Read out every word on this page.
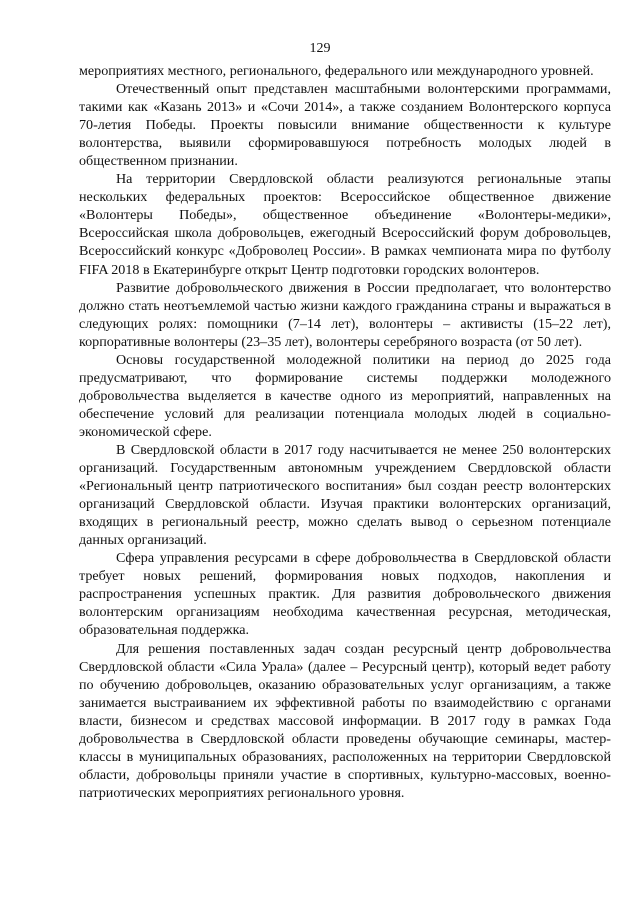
129

мероприятиях местного, регионального, федерального или международного уровней.

Отечественный опыт представлен масштабными волонтерскими программами, такими как «Казань 2013» и «Сочи 2014», а также созданием Волонтерского корпуса 70-летия Победы. Проекты повысили внимание общественности к культуре волонтерства, выявили сформировавшуюся потребность молодых людей в общественном признании.

На территории Свердловской области реализуются региональные этапы нескольких федеральных проектов: Всероссийское общественное движение «Волонтеры Победы», общественное объединение «Волонтеры-медики», Всероссийская школа добровольцев, ежегодный Всероссийский форум добровольцев, Всероссийский конкурс «Доброволец России». В рамках чемпионата мира по футболу FIFA 2018 в Екатеринбурге открыт Центр подготовки городских волонтеров.

Развитие добровольческого движения в России предполагает, что волонтерство должно стать неотъемлемой частью жизни каждого гражданина страны и выражаться в следующих ролях: помощники (7–14 лет), волонтеры – активисты (15–22 лет), корпоративные волонтеры (23–35 лет), волонтеры серебряного возраста (от 50 лет).

Основы государственной молодежной политики на период до 2025 года предусматривают, что формирование системы поддержки молодежного добровольчества выделяется в качестве одного из мероприятий, направленных на обеспечение условий для реализации потенциала молодых людей в социально-экономической сфере.

В Свердловской области в 2017 году насчитывается не менее 250 волонтерских организаций. Государственным автономным учреждением Свердловской области «Региональный центр патриотического воспитания» был создан реестр волонтерских организаций Свердловской области. Изучая практики волонтерских организаций, входящих в региональный реестр, можно сделать вывод о серьезном потенциале данных организаций.

Сфера управления ресурсами в сфере добровольчества в Свердловской области требует новых решений, формирования новых подходов, накопления и распространения успешных практик. Для развития добровольческого движения волонтерским организациям необходима качественная ресурсная, методическая, образовательная поддержка.

Для решения поставленных задач создан ресурсный центр добровольчества Свердловской области «Сила Урала» (далее – Ресурсный центр), который ведет работу по обучению добровольцев, оказанию образовательных услуг организациям, а также занимается выстраиванием их эффективной работы по взаимодействию с органами власти, бизнесом и средствах массовой информации. В 2017 году в рамках Года добровольчества в Свердловской области проведены обучающие семинары, мастер-классы в муниципальных образованиях, расположенных на территории Свердловской области, добровольцы приняли участие в спортивных, культурно-массовых, военно-патриотических мероприятиях регионального уровня.
